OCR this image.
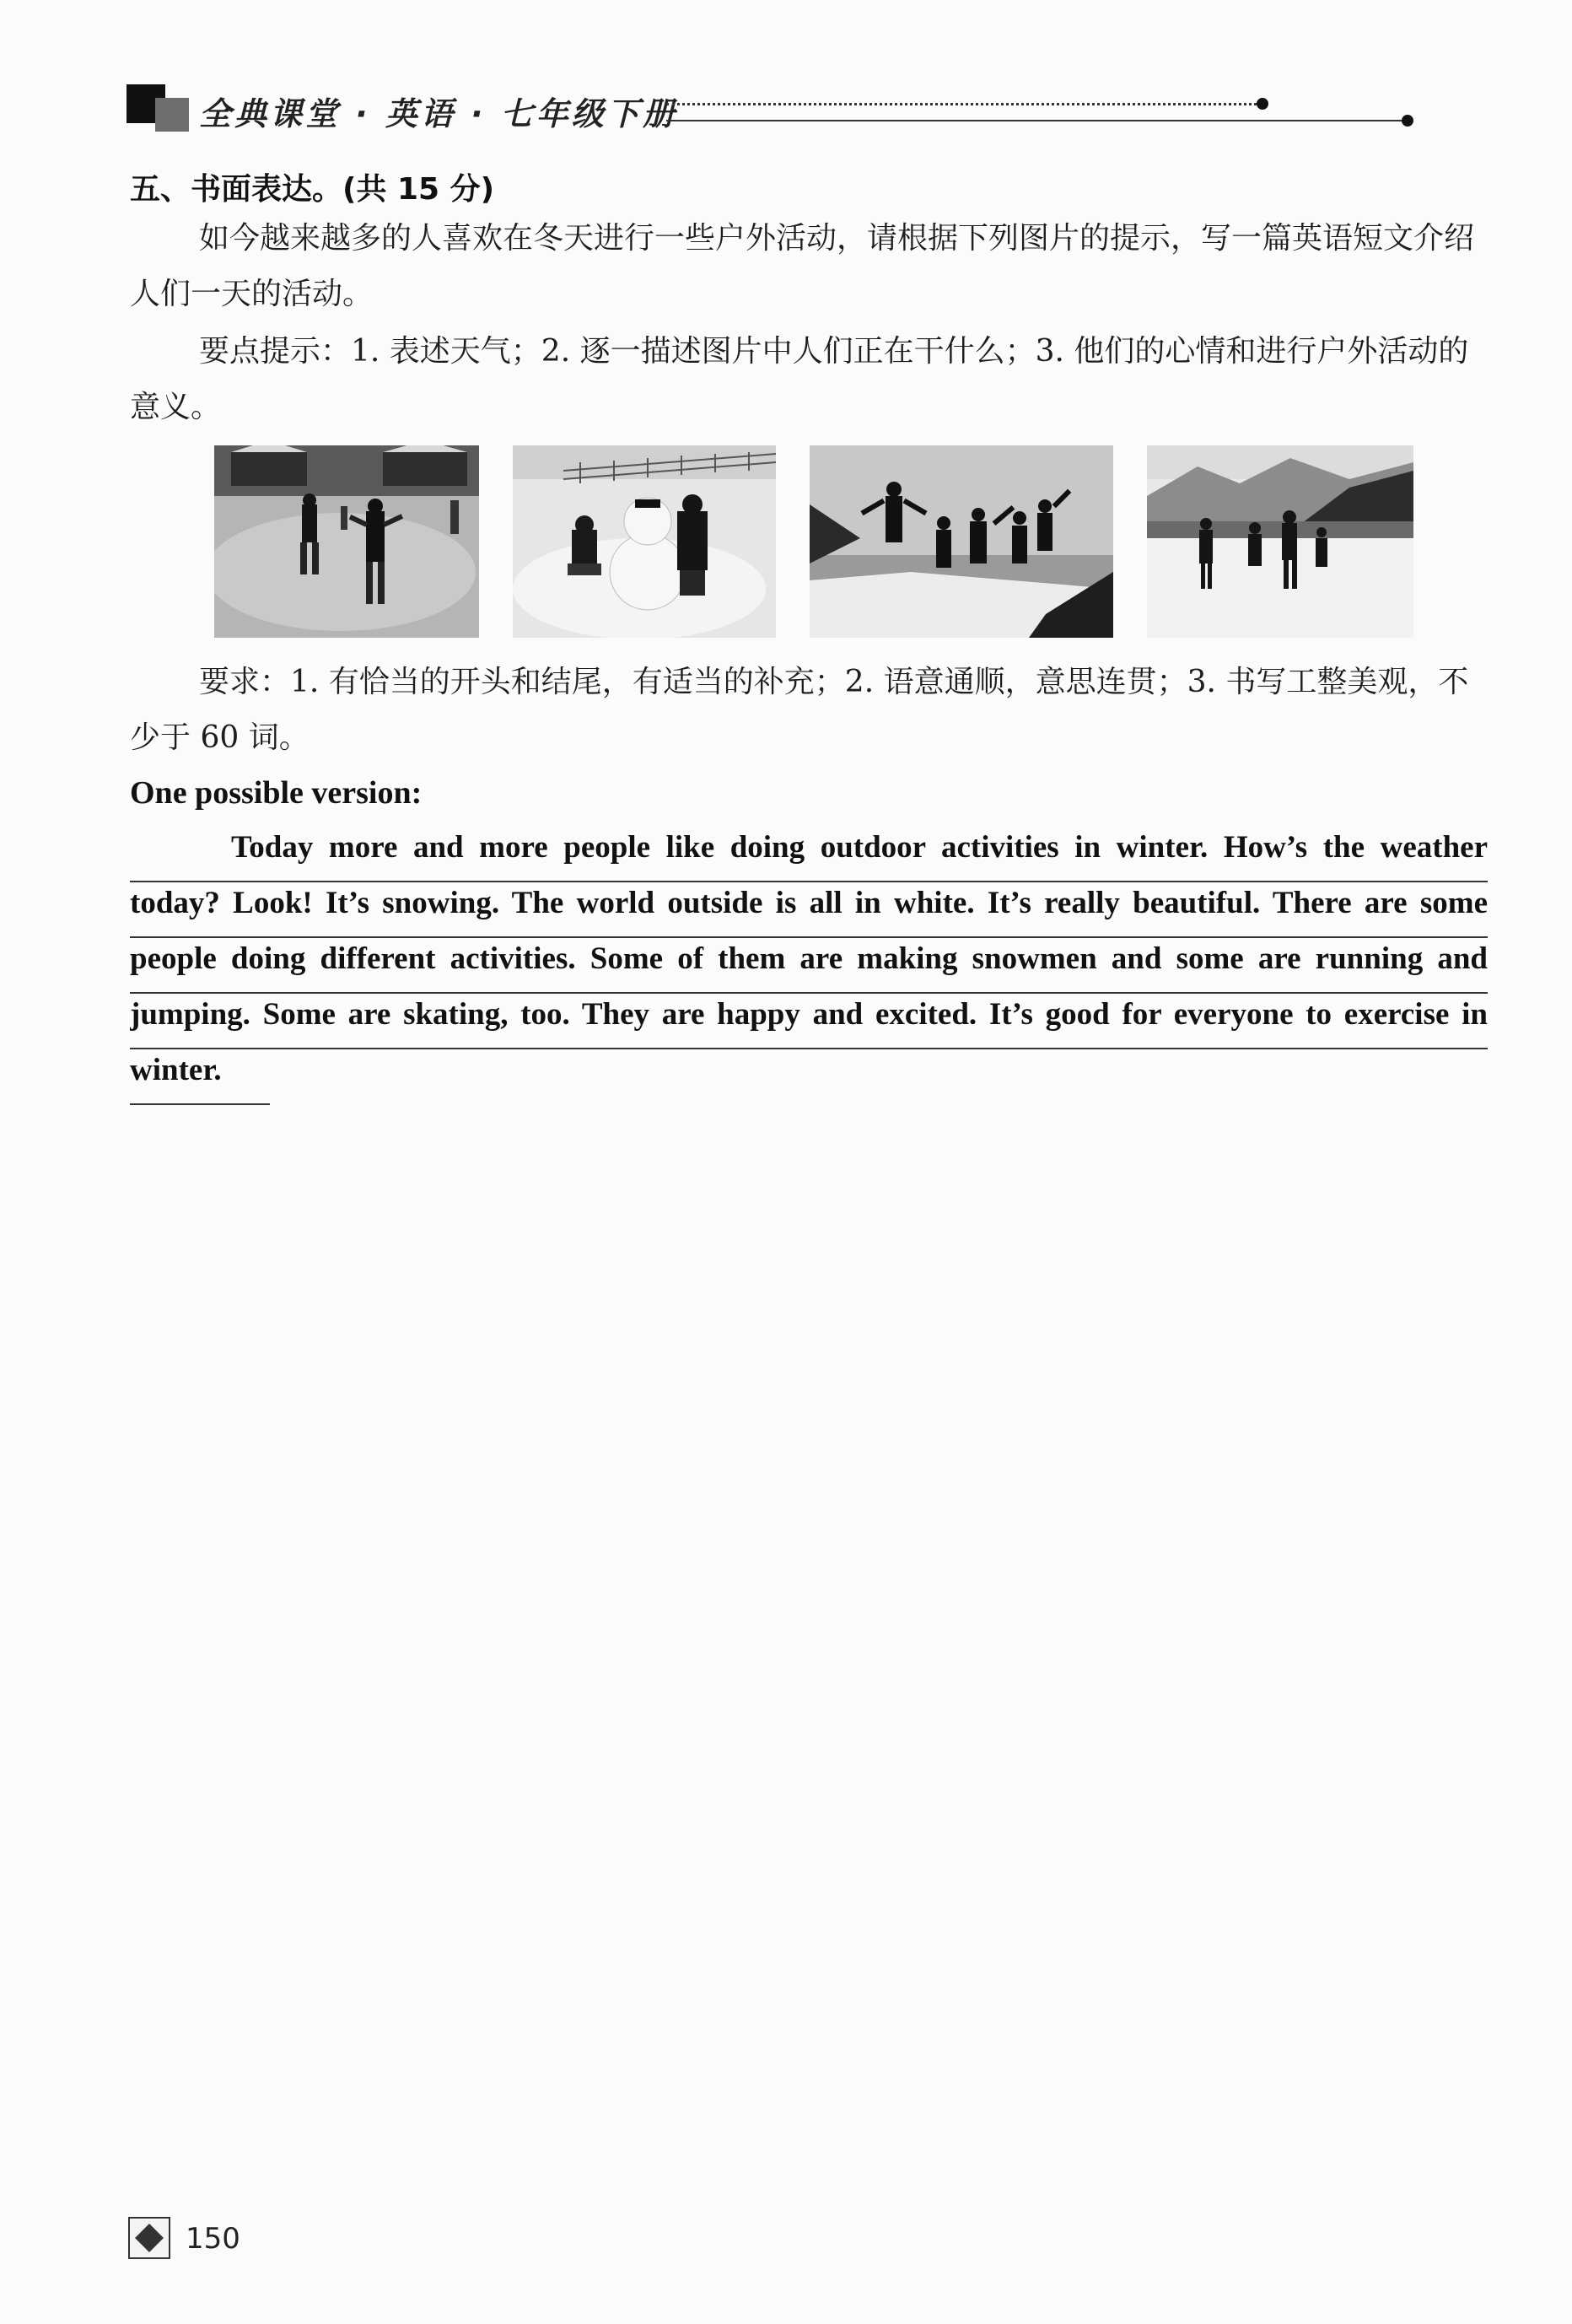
全典课堂 · 英语 · 七年级下册
五、书面表达。(共 15 分)
如今越来越多的人喜欢在冬天进行一些户外活动，请根据下列图片的提示，写一篇英语短文介绍人们一天的活动。
要点提示：1. 表述天气；2. 逐一描述图片中人们正在干什么；3. 他们的心情和进行户外活动的意义。
要求：1. 有恰当的开头和结尾，有适当的补充；2. 语意通顺，意思连贯；3. 书写工整美观，不少于 60 词。
One possible version:
Today more and more people like doing outdoor activities in winter. How’s the weather
today? Look! It’s snowing. The world outside is all in white. It’s really beautiful. There are some
people doing different activities. Some of them are making snowmen and some are running and
jumping. Some are skating, too. They are happy and excited. It’s good for everyone to exercise in
winter.
150
